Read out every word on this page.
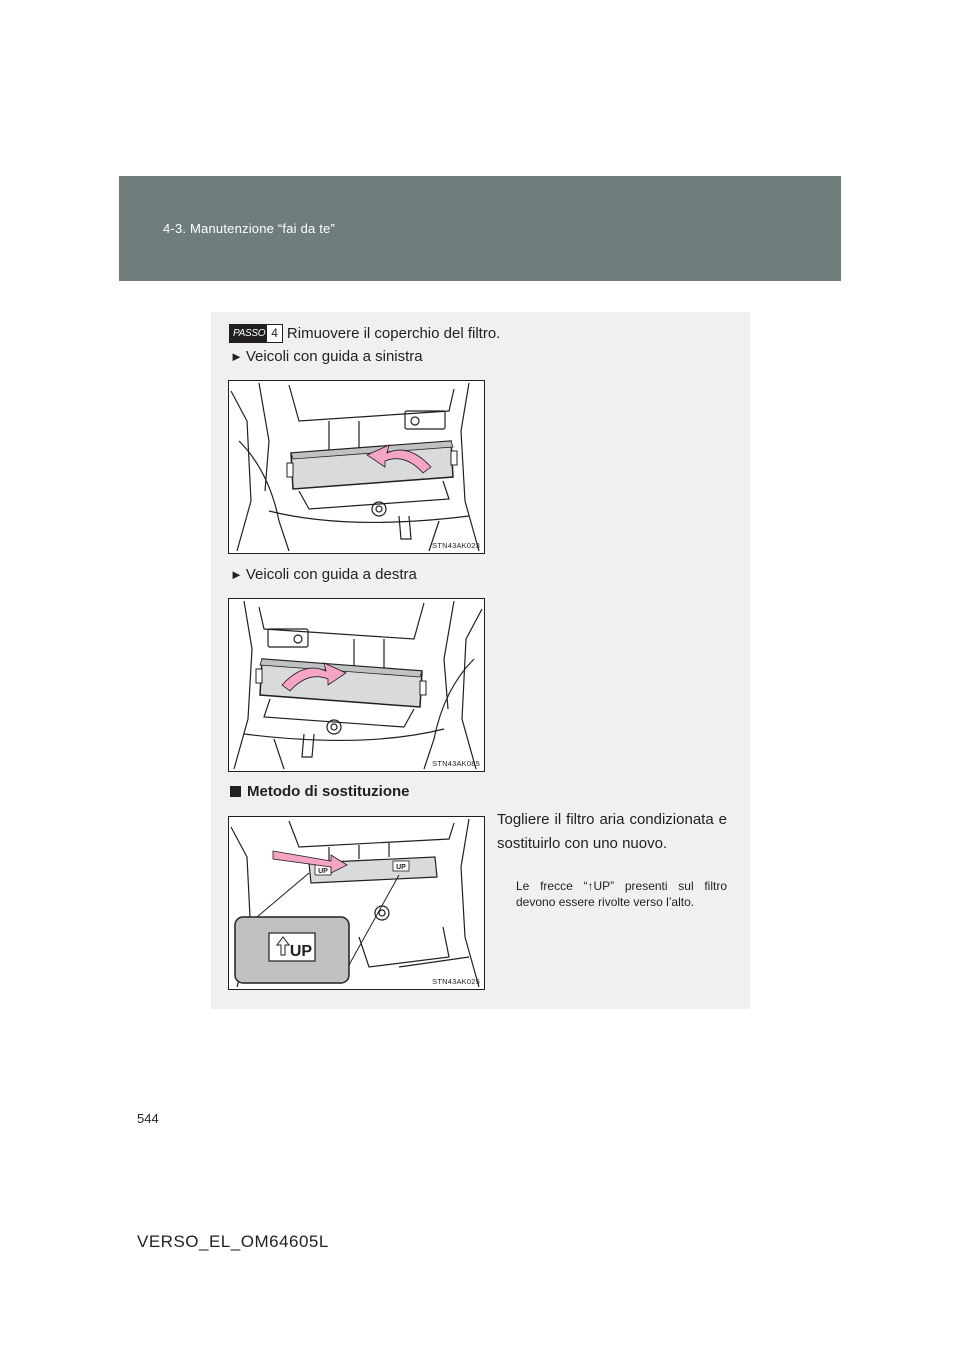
4-3. Manutenzione “fai da te”
PASSO 4 Rimuovere il coperchio del filtro.
► Veicoli con guida a sinistra
STN43AK023
► Veicoli con guida a destra
STN43AK085
Metodo di sostituzione
UP
UP
UP
STN43AK025
Togliere il filtro aria condizionata e sostituirlo con uno nuovo.
Le frecce “↑UP” presenti sul filtro devono essere rivolte verso l’alto.
544
VERSO_EL_OM64605L
